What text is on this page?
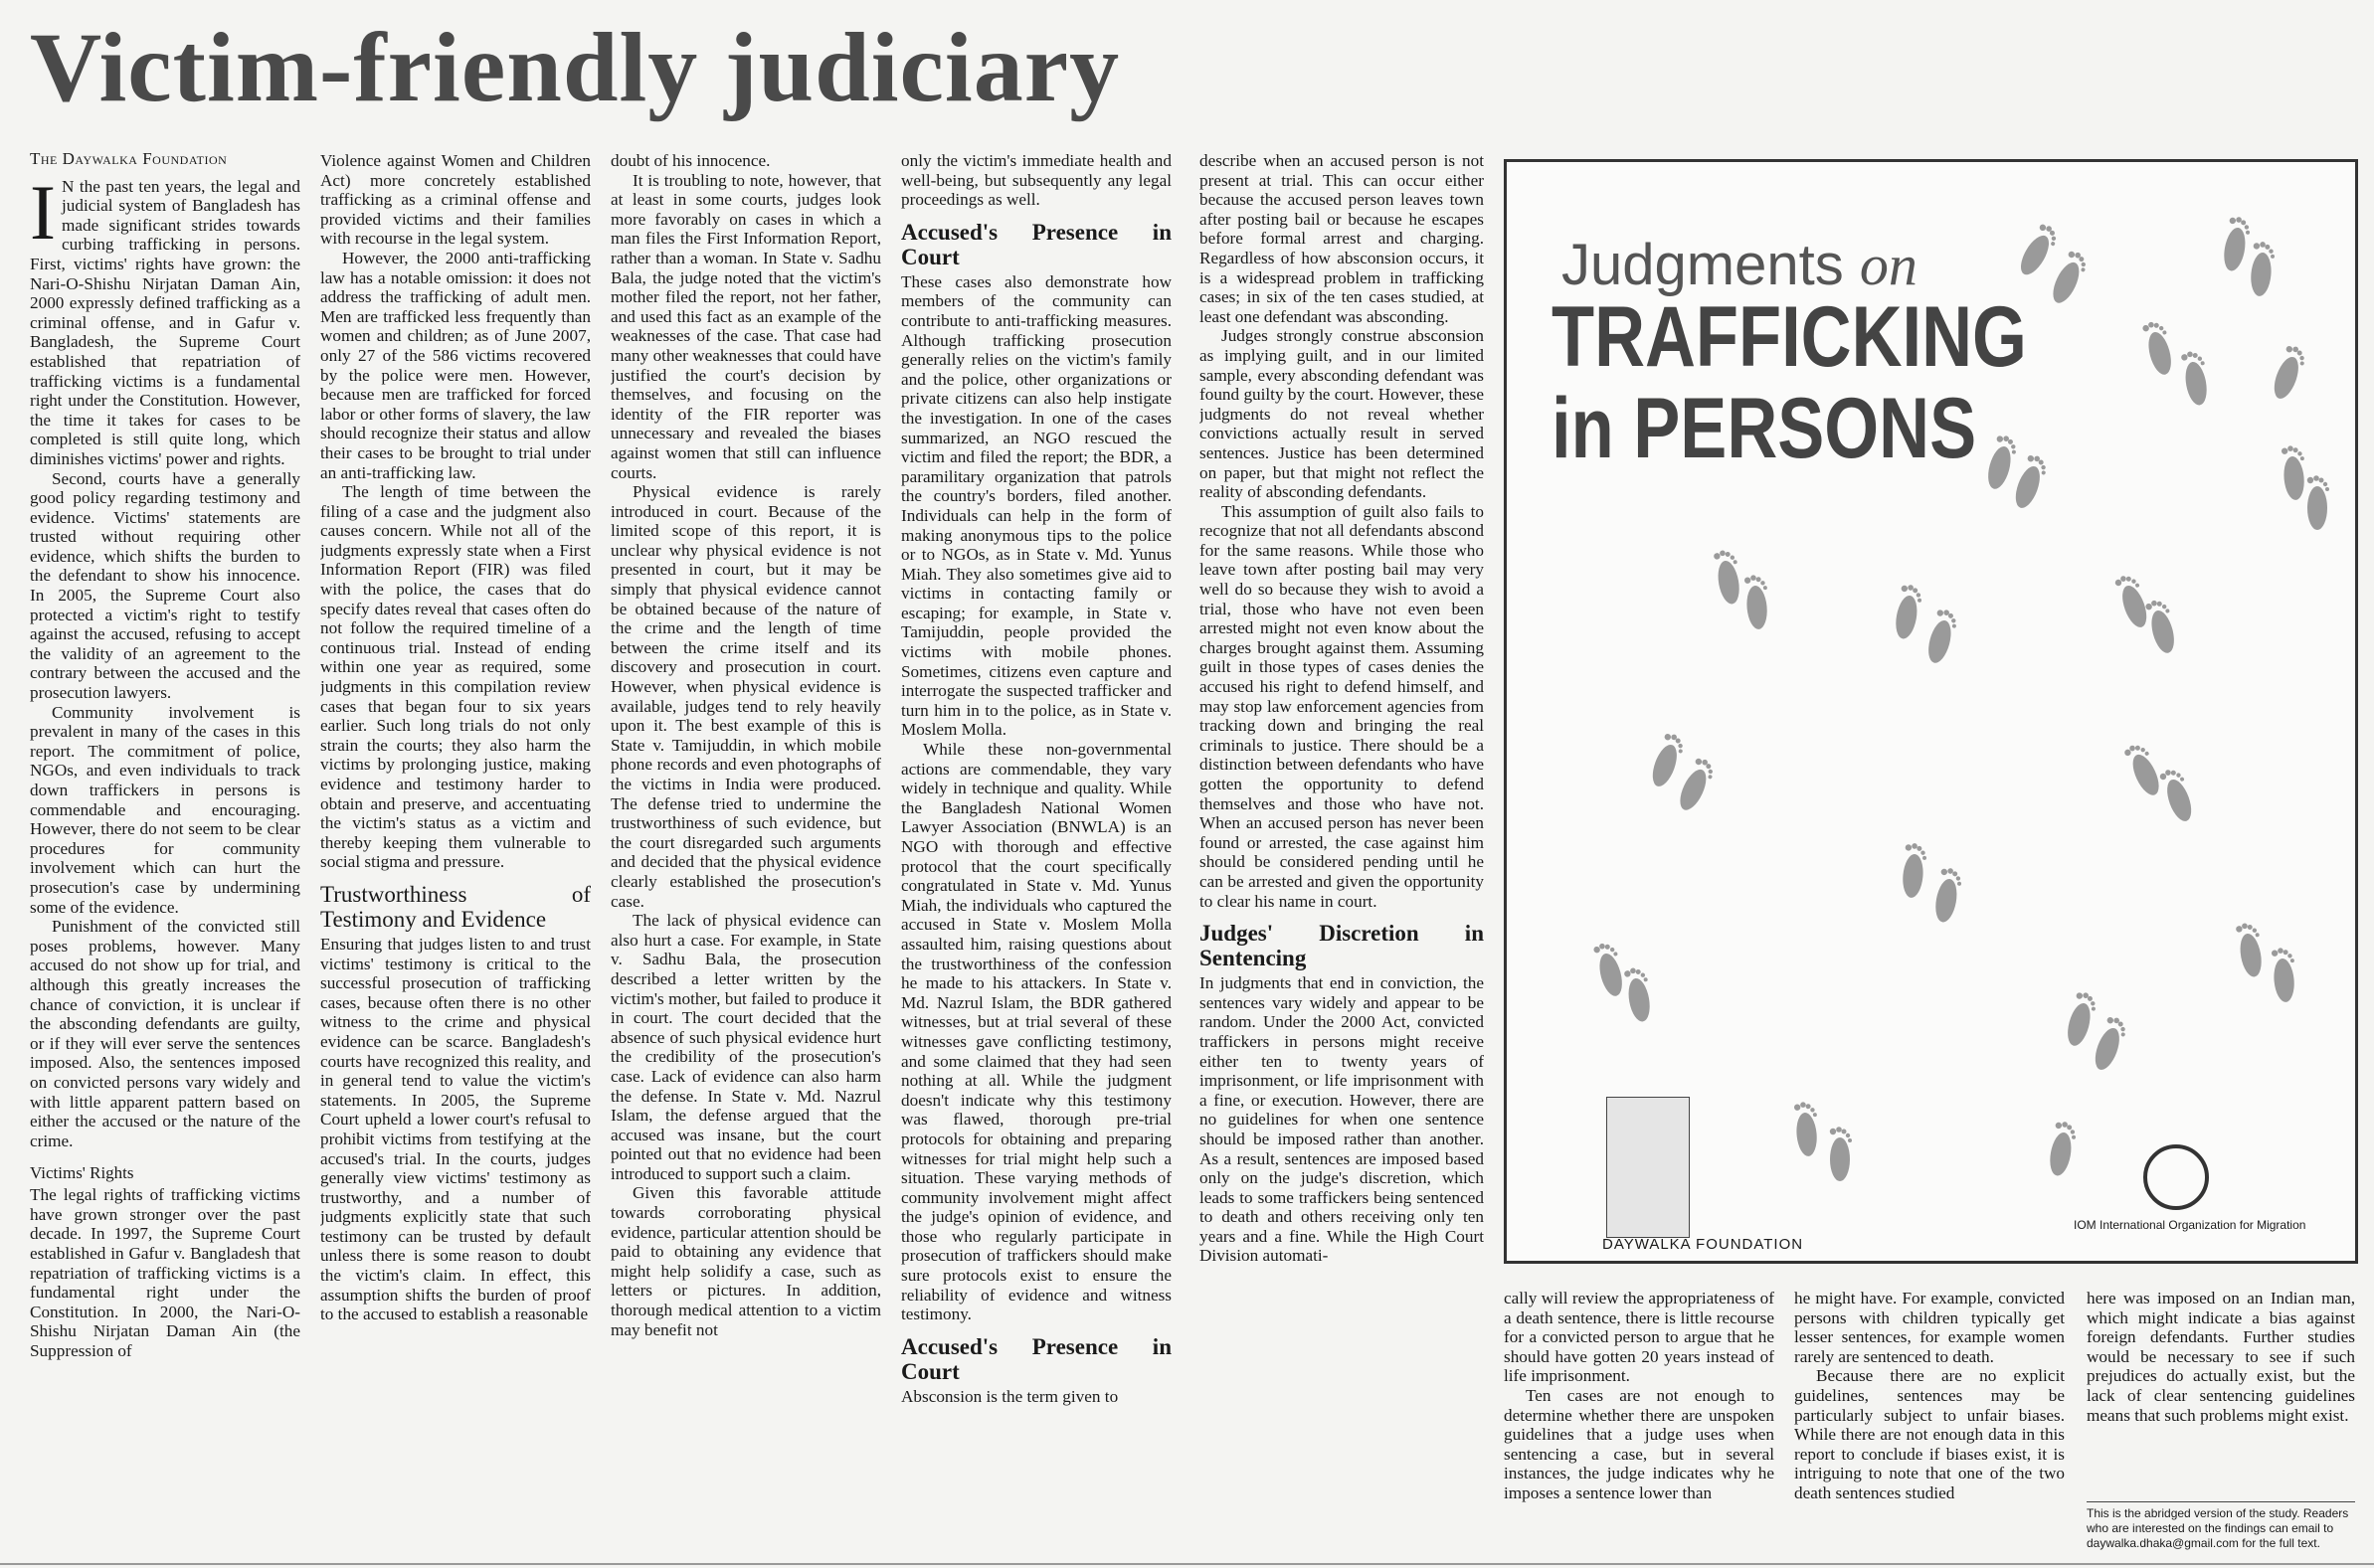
Victim-friendly judiciary
The Daywalka Foundation

I N the past ten years, the legal and judicial system of Bangladesh has made significant strides towards curbing trafficking in persons. First, victims' rights have grown: the Nari-O-Shishu Nirjatan Daman Ain, 2000 expressly defined trafficking as a criminal offense, and in Gafur v. Bangladesh, the Supreme Court established that repatriation of trafficking victims is a fundamental right under the Constitution. However, the time it takes for cases to be completed is still quite long, which diminishes victims' power and rights.

Second, courts have a generally good policy regarding testimony and evidence. Victims' statements are trusted without requiring other evidence, which shifts the burden to the defendant to show his innocence. In 2005, the Supreme Court also protected a victim's right to testify against the accused, refusing to accept the validity of an agreement to the contrary between the accused and the prosecution lawyers.

Community involvement is prevalent in many of the cases in this report. The commitment of police, NGOs, and even individuals to track down traffickers in persons is commendable and encouraging. However, there do not seem to be clear procedures for community involvement which can hurt the prosecution's case by undermining some of the evidence.

Punishment of the convicted still poses problems, however. Many accused do not show up for trial, and although this greatly increases the chance of conviction, it is unclear if the absconding defendants are guilty, or if they will ever serve the sentences imposed. Also, the sentences imposed on convicted persons vary widely and with little apparent pattern based on either the accused or the nature of the crime.

Victims' Rights

The legal rights of trafficking victims have grown stronger over the past decade. In 1997, the Supreme Court established in Gafur v. Bangladesh that repatriation of trafficking victims is a fundamental right under the Constitution. In 2000, the Nari-O-Shishu Nirjatan Daman Ain (the Suppression of

Violence against Women and Children Act) more concretely established trafficking as a criminal offense and provided victims and their families with recourse in the legal system.

However, the 2000 anti-trafficking law has a notable omission: it does not address the trafficking of adult men. Men are trafficked less frequently than women and children; as of June 2007, only 27 of the 586 victims recovered by the police were men. However, because men are trafficked for forced labor or other forms of slavery, the law should recognize their status and allow their cases to be brought to trial under an anti-trafficking law.

The length of time between the filing of a case and the judgment also causes concern. While not all of the judgments expressly state when a First Information Report (FIR) was filed with the police, the cases that do specify dates reveal that cases often do not follow the required timeline of a continuous trial. Instead of ending within one year as required, some judgments in this compilation review cases that began four to six years earlier. Such long trials do not only strain the courts; they also harm the victims by prolonging justice, making evidence and testimony harder to obtain and preserve, and accentuating the victim's status as a victim and thereby keeping them vulnerable to social stigma and pressure.

Trustworthiness of Testimony and Evidence

Ensuring that judges listen to and trust victims' testimony is critical to the successful prosecution of trafficking cases, because often there is no other witness to the crime and physical evidence can be scarce. Bangladesh's courts have recognized this reality, and in general tend to value the victim's statements. In 2005, the Supreme Court upheld a lower court's refusal to prohibit victims from testifying at the accused's trial. In the courts, judges generally view victims' testimony as trustworthy, and a number of judgments explicitly state that such testimony can be trusted by default unless there is some reason to doubt the victim's claim. In effect, this assumption shifts the burden of proof to the accused to establish a reasonable

doubt of his innocence.

It is troubling to note, however, that at least in some courts, judges look more favorably on cases in which a man files the First Information Report, rather than a woman. In State v. Sadhu Bala, the judge noted that the victim's mother filed the report, not her father, and used this fact as an example of the weaknesses of the case. That case had many other weaknesses that could have justified the court's decision by themselves, and focusing on the identity of the FIR reporter was unnecessary and revealed the biases against women that still can influence courts.

Physical evidence is rarely introduced in court. Because of the limited scope of this report, it is unclear why physical evidence is not presented in court, but it may be simply that physical evidence cannot be obtained because of the nature of the crime and the length of time between the crime itself and its discovery and prosecution in court. However, when physical evidence is available, judges tend to rely heavily upon it. The best example of this is State v. Tamijuddin, in which mobile phone records and even photographs of the victims in India were produced. The defense tried to undermine the trustworthiness of such evidence, but the court disregarded such arguments and decided that the physical evidence clearly established the prosecution's case.

The lack of physical evidence can also hurt a case. For example, in State v. Sadhu Bala, the prosecution described a letter written by the victim's mother, but failed to produce it in court. The court decided that the absence of such physical evidence hurt the credibility of the prosecution's case. Lack of evidence can also harm the defense. In State v. Md. Nazrul Islam, the defense argued that the accused was insane, but the court pointed out that no evidence had been introduced to support such a claim.

Given this favorable attitude towards corroborating physical evidence, particular attention should be paid to obtaining any evidence that might help solidify a case, such as letters or pictures. In addition, thorough medical attention to a victim may benefit not

only the victim's immediate health and well-being, but subsequently any legal proceedings as well.

Accused's Presence in Court

These cases also demonstrate how members of the community can contribute to anti-trafficking measures. Although trafficking prosecution generally relies on the victim's family and the police, other organizations or private citizens can also help instigate the investigation. In one of the cases summarized, an NGO rescued the victim and filed the report; the BDR, a paramilitary organization that patrols the country's borders, filed another. Individuals can help in the form of making anonymous tips to the police or to NGOs, as in State v. Md. Yunus Miah. They also sometimes give aid to victims in contacting family or escaping; for example, in State v. Tamijuddin, people provided the victims with mobile phones. Sometimes, citizens even capture and interrogate the suspected trafficker and turn him in to the police, as in State v. Moslem Molla.

While these non-governmental actions are commendable, they vary widely in technique and quality. While the Bangladesh National Women Lawyer Association (BNWLA) is an NGO with thorough and effective protocol that the court specifically congratulated in State v. Md. Yunus Miah, the individuals who captured the accused in State v. Moslem Molla assaulted him, raising questions about the trustworthiness of the confession he made to his attackers. In State v. Md. Nazrul Islam, the BDR gathered witnesses, but at trial several of these witnesses gave conflicting testimony, and some claimed that they had seen nothing at all. While the judgment doesn't indicate why this testimony was flawed, thorough pre-trial protocols for obtaining and preparing witnesses for trial might help such a situation. These varying methods of community involvement might affect the judge's opinion of evidence, and those who regularly participate in prosecution of traffickers should make sure protocols exist to ensure the reliability of evidence and witness testimony.

Accused's Presence in Court

Absconsion is the term given to

describe when an accused person is not present at trial. This can occur either because the accused person leaves town after posting bail or because he escapes before formal arrest and charging. Regardless of how absconsion occurs, it is a widespread problem in trafficking cases; in six of the ten cases studied, at least one defendant was absconding.

Judges strongly construe absconsion as implying guilt, and in our limited sample, every absconding defendant was found guilty by the court. However, these judgments do not reveal whether convictions actually result in served sentences. Justice has been determined on paper, but that might not reflect the reality of absconding defendants.

This assumption of guilt also fails to recognize that not all defendants abscond for the same reasons. While those who leave town after posting bail may very well do so because they wish to avoid a trial, those who have not even been arrested might not even know about the charges brought against them. Assuming guilt in those types of cases denies the accused his right to defend himself, and may stop law enforcement agencies from tracking down and bringing the real criminals to justice. There should be a distinction between defendants who have gotten the opportunity to defend themselves and those who have not. When an accused person has never been found or arrested, the case against him should be considered pending until he can be arrested and given the opportunity to clear his name in court.

Judges' Discretion in Sentencing

In judgments that end in conviction, the sentences vary widely and appear to be random. Under the 2000 Act, convicted traffickers in persons might receive either ten to twenty years of imprisonment, or life imprisonment with a fine, or execution. However, there are no guidelines for when one sentence should be imposed rather than another. As a result, sentences are imposed based only on the judge's discretion, which leads to some traffickers being sentenced to death and others receiving only ten years and a fine. While the High Court Division automati-

Judgments on
TRAFFICKING
in PERSONS
DAYWALKA FOUNDATION
IOM International Organization for Migration

cally will review the appropriateness of a death sentence, there is little recourse for a convicted person to argue that he should have gotten 20 years instead of life imprisonment.

Ten cases are not enough to determine whether there are unspoken guidelines that a judge uses when sentencing a case, but in several instances, the judge indicates why he imposes a sentence lower than

he might have. For example, convicted persons with children typically get lesser sentences, for example women rarely are sentenced to death.

Because there are no explicit guidelines, sentences may be particularly subject to unfair biases. While there are not enough data in this report to conclude if biases exist, it is intriguing to note that one of the two death sentences studied

here was imposed on an Indian man, which might indicate a bias against foreign defendants. Further studies would be necessary to see if such prejudices do actually exist, but the lack of clear sentencing guidelines means that such problems might exist.

This is the abridged version of the study. Readers who are interested on the findings can email to daywalka.dhaka@gmail.com for the full text.
